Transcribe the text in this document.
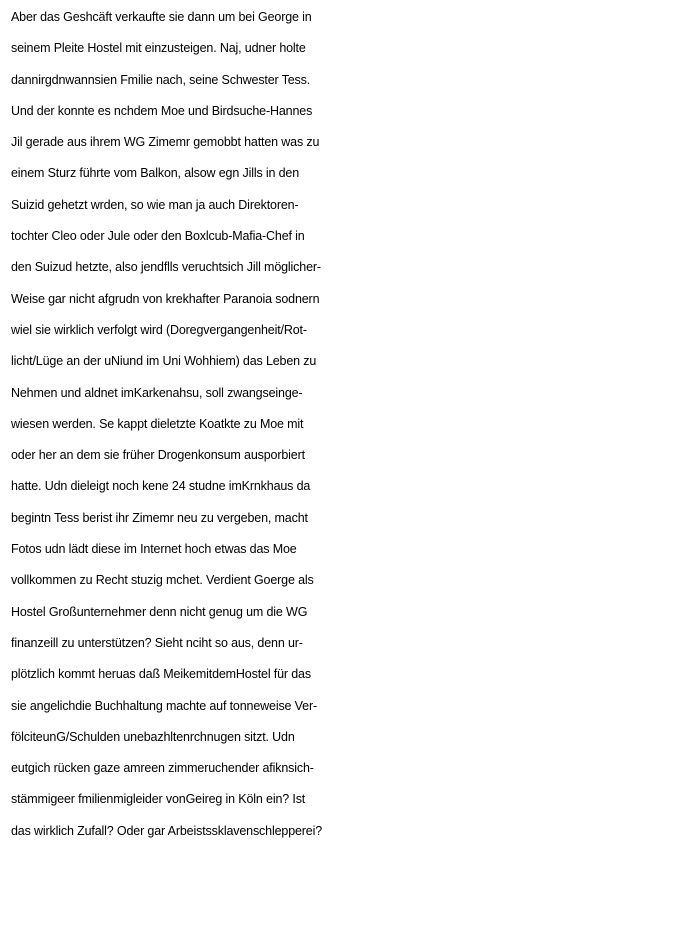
Aber das Geshcäft verkaufte sie dann um bei George in
seinem Pleite Hostel mit einzusteigen. Naj, udner holte
dannirgdnwannsien Fmilie nach, seine Schwester Tess.
Und der konnte es nchdem Moe und Birdsuche-Hannes
Jil gerade aus ihrem WG Zimemr gemobbt hatten was zu
einem Sturz führte vom Balkon, alsow egn Jills in den
Suizid gehetzt wrden, so wie man ja auch Direktoren-
tochter Cleo oder Jule oder den Boxlcub-Mafia-Chef in
den Suizud hetzte, also jendflls veruchtsich Jill möglicher-
Weise gar nicht afgrudn von krekhafter Paranoia sodnern
wiel sie wirklich verfolgt wird (Doregvergangenheit/Rot-
licht/Lüge an der uNiund im Uni Wohhiem) das Leben zu
Nehmen und aldnet imKarkenahsu, soll zwangseinge-
wiesen werden. Se kappt dieletzte Koatkte zu Moe mit
oder her an dem sie früher Drogenkonsum ausporbiert
hatte. Udn dieleigt noch kene 24 studne imKrnkhaus da
begintn Tess berist ihr Zimemr neu zu vergeben, macht
Fotos udn lädt diese im Internet hoch etwas das Moe
vollkommen zu Recht stuzig mchet. Verdient Goerge als
Hostel Großunternehmer denn nicht genug um die WG
finanzeill zu unterstützen? Sieht nciht so aus, denn ur-
plötzlich kommt heruas daß MeikemitdemHostel für das
sie angelichdie Buchhaltung machte auf tonneweise Ver-
fölciteunG/Schulden unebazhltenrchnugen sitzt. Udn
eutgich rücken gaze amreen zimmeruchender afiknsich-
stämmigeer fmilienmigleider vonGeireg in Köln ein? Ist
das wirklich Zufall? Oder gar Arbeistssklavenschlepperei?
